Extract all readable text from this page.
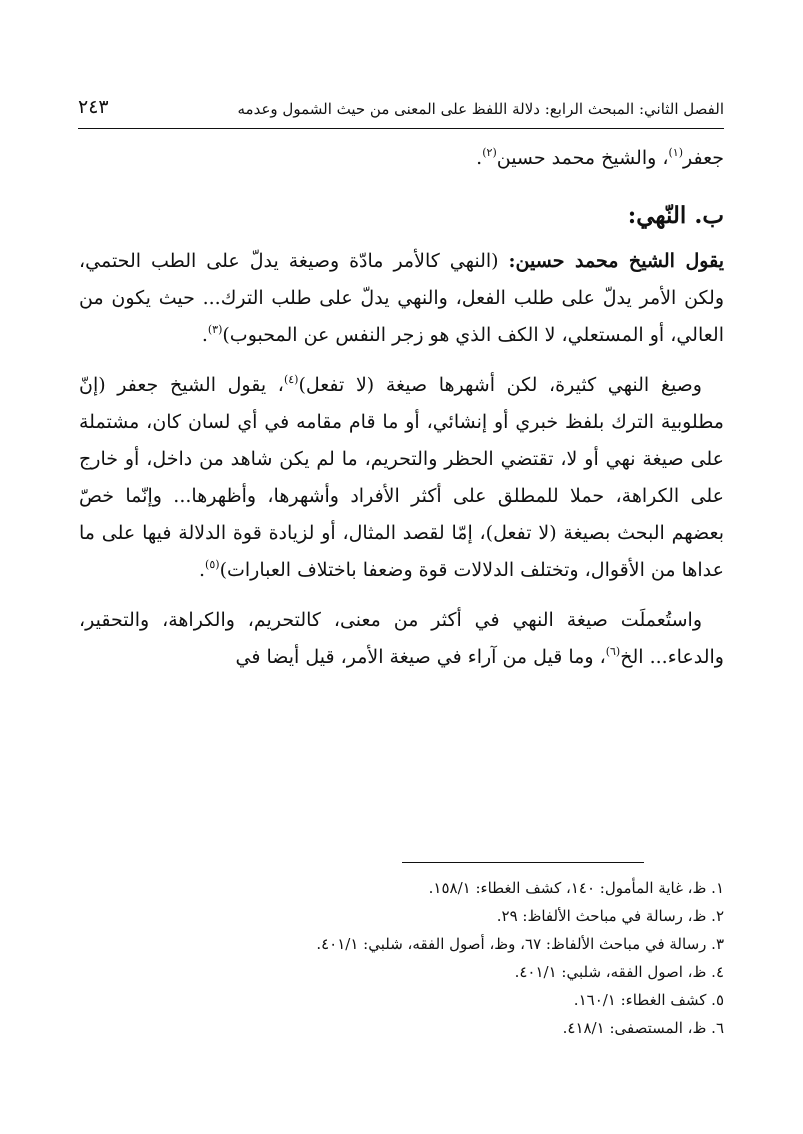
الفصل الثاني: المبحث الرابع: دلالة اللفظ على المعنى من حيث الشمول وعدمه
٢٤٣

جعفر$^{(١)}$، والشيخ محمد حسين$^{(٢)}$.

ب. النّهي:

يقول الشيخ محمد حسين: (النهي كالأمر مادّة وصيغة يدلّ على الطب الحتمي، ولكن الأمر يدلّ على طلب الفعل، والنهي يدلّ على طلب الترك... حيث يكون من العالي، أو المستعلي، لا الكف الذي هو زجر النفس عن المحبوب)$^{(٣)}$.

وصيغ النهي كثيرة، لكن أشهرها صيغة (لا تفعل)$^{(٤)}$، يقول الشيخ جعفر (إنّ مطلوبية الترك بلفظ خبري أو إنشائي، أو ما قام مقامه في أي لسان كان، مشتملة على صيغة نهي أو لا، تقتضي الحظر والتحريم، ما لم يكن شاهد من داخل، أو خارج على الكراهة، حملا للمطلق على أكثر الأفراد وأشهرها، وأظهرها... وإنّما خصّ بعضهم البحث بصيغة (لا تفعل)، إمّا لقصد المثال، أو لزيادة قوة الدلالة فيها على ما عداها من الأقوال، وتختلف الدلالات قوة وضعفا باختلاف العبارات)$^{(٥)}$.

واستُعملَت صيغة النهي في أكثر من معنى، كالتحريم، والكراهة، والتحقير، والدعاء... الخ$^{(٦)}$، وما قيل من آراء في صيغة الأمر، قيل أيضا في

١. ظ، غاية المأمول: ١٤٠، كشف الغطاء: ١٥٨/١.
٢. ظ، رسالة في مباحث الألفاظ: ٢٩.
٣. رسالة في مباحث الألفاظ: ٦٧، وظ، أصول الفقه، شلبي: ٤٠١/١.
٤. ظ، اصول الفقه، شلبي: ٤٠١/١.
٥. كشف الغطاء: ١٦٠/١.
٦. ظ، المستصفى: ٤١٨/١.
